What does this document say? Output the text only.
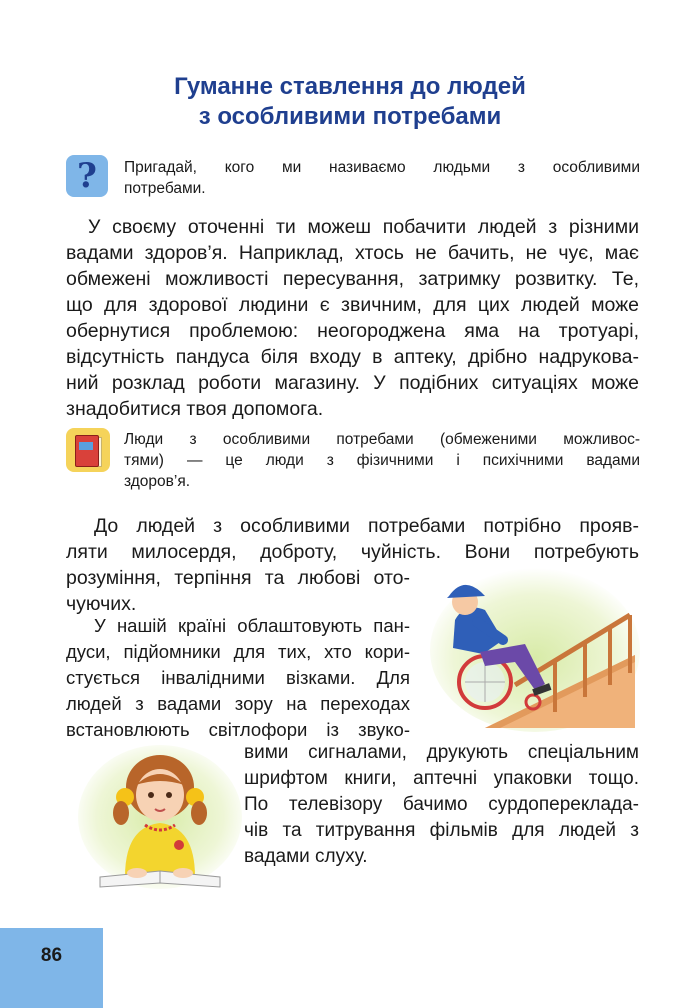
Гуманне ставлення до людей
з особливими потребами
?	Пригадай, кого ми називаємо людьми з особливими
потребами.
У своєму оточенні ти можеш побачити людей з різними
вадами здоров’я. Наприклад, хтось не бачить, не чує, має
обмежені можливості пересування, затримку розвитку. Те,
що для здорової людини є звичним, для цих людей може
обернутися проблемою: неогороджена яма на тротуарі,
відсутність пандуса біля входу в аптеку, дрібно надрукова-
ний розклад роботи магазину. У подібних ситуаціях може
знадобитися твоя допомога.
Люди з особливими потребами (обмеженими можливос-
тями) — це люди з фізичними і психічними вадами
здоров’я.
До людей з особливими потребами потрібно прояв-
ляти милосердя, доброту, чуйність. Вони потребують
розуміння, терпіння та любові ото-
чуючих.
У нашій країні облаштовують пан-
дуси, підйомники для тих, хто кори-
стується інвалідними візками. Для
людей з вадами зору на переходах
встановлюють світлофори із звуко-
вими сигналами, друкують спеціальним
шрифтом книги, аптечні упаковки тощо.
По телевізору бачимо сурдоперекладa-
чів та титрування фільмів для людей з
вадами слуху.
86
